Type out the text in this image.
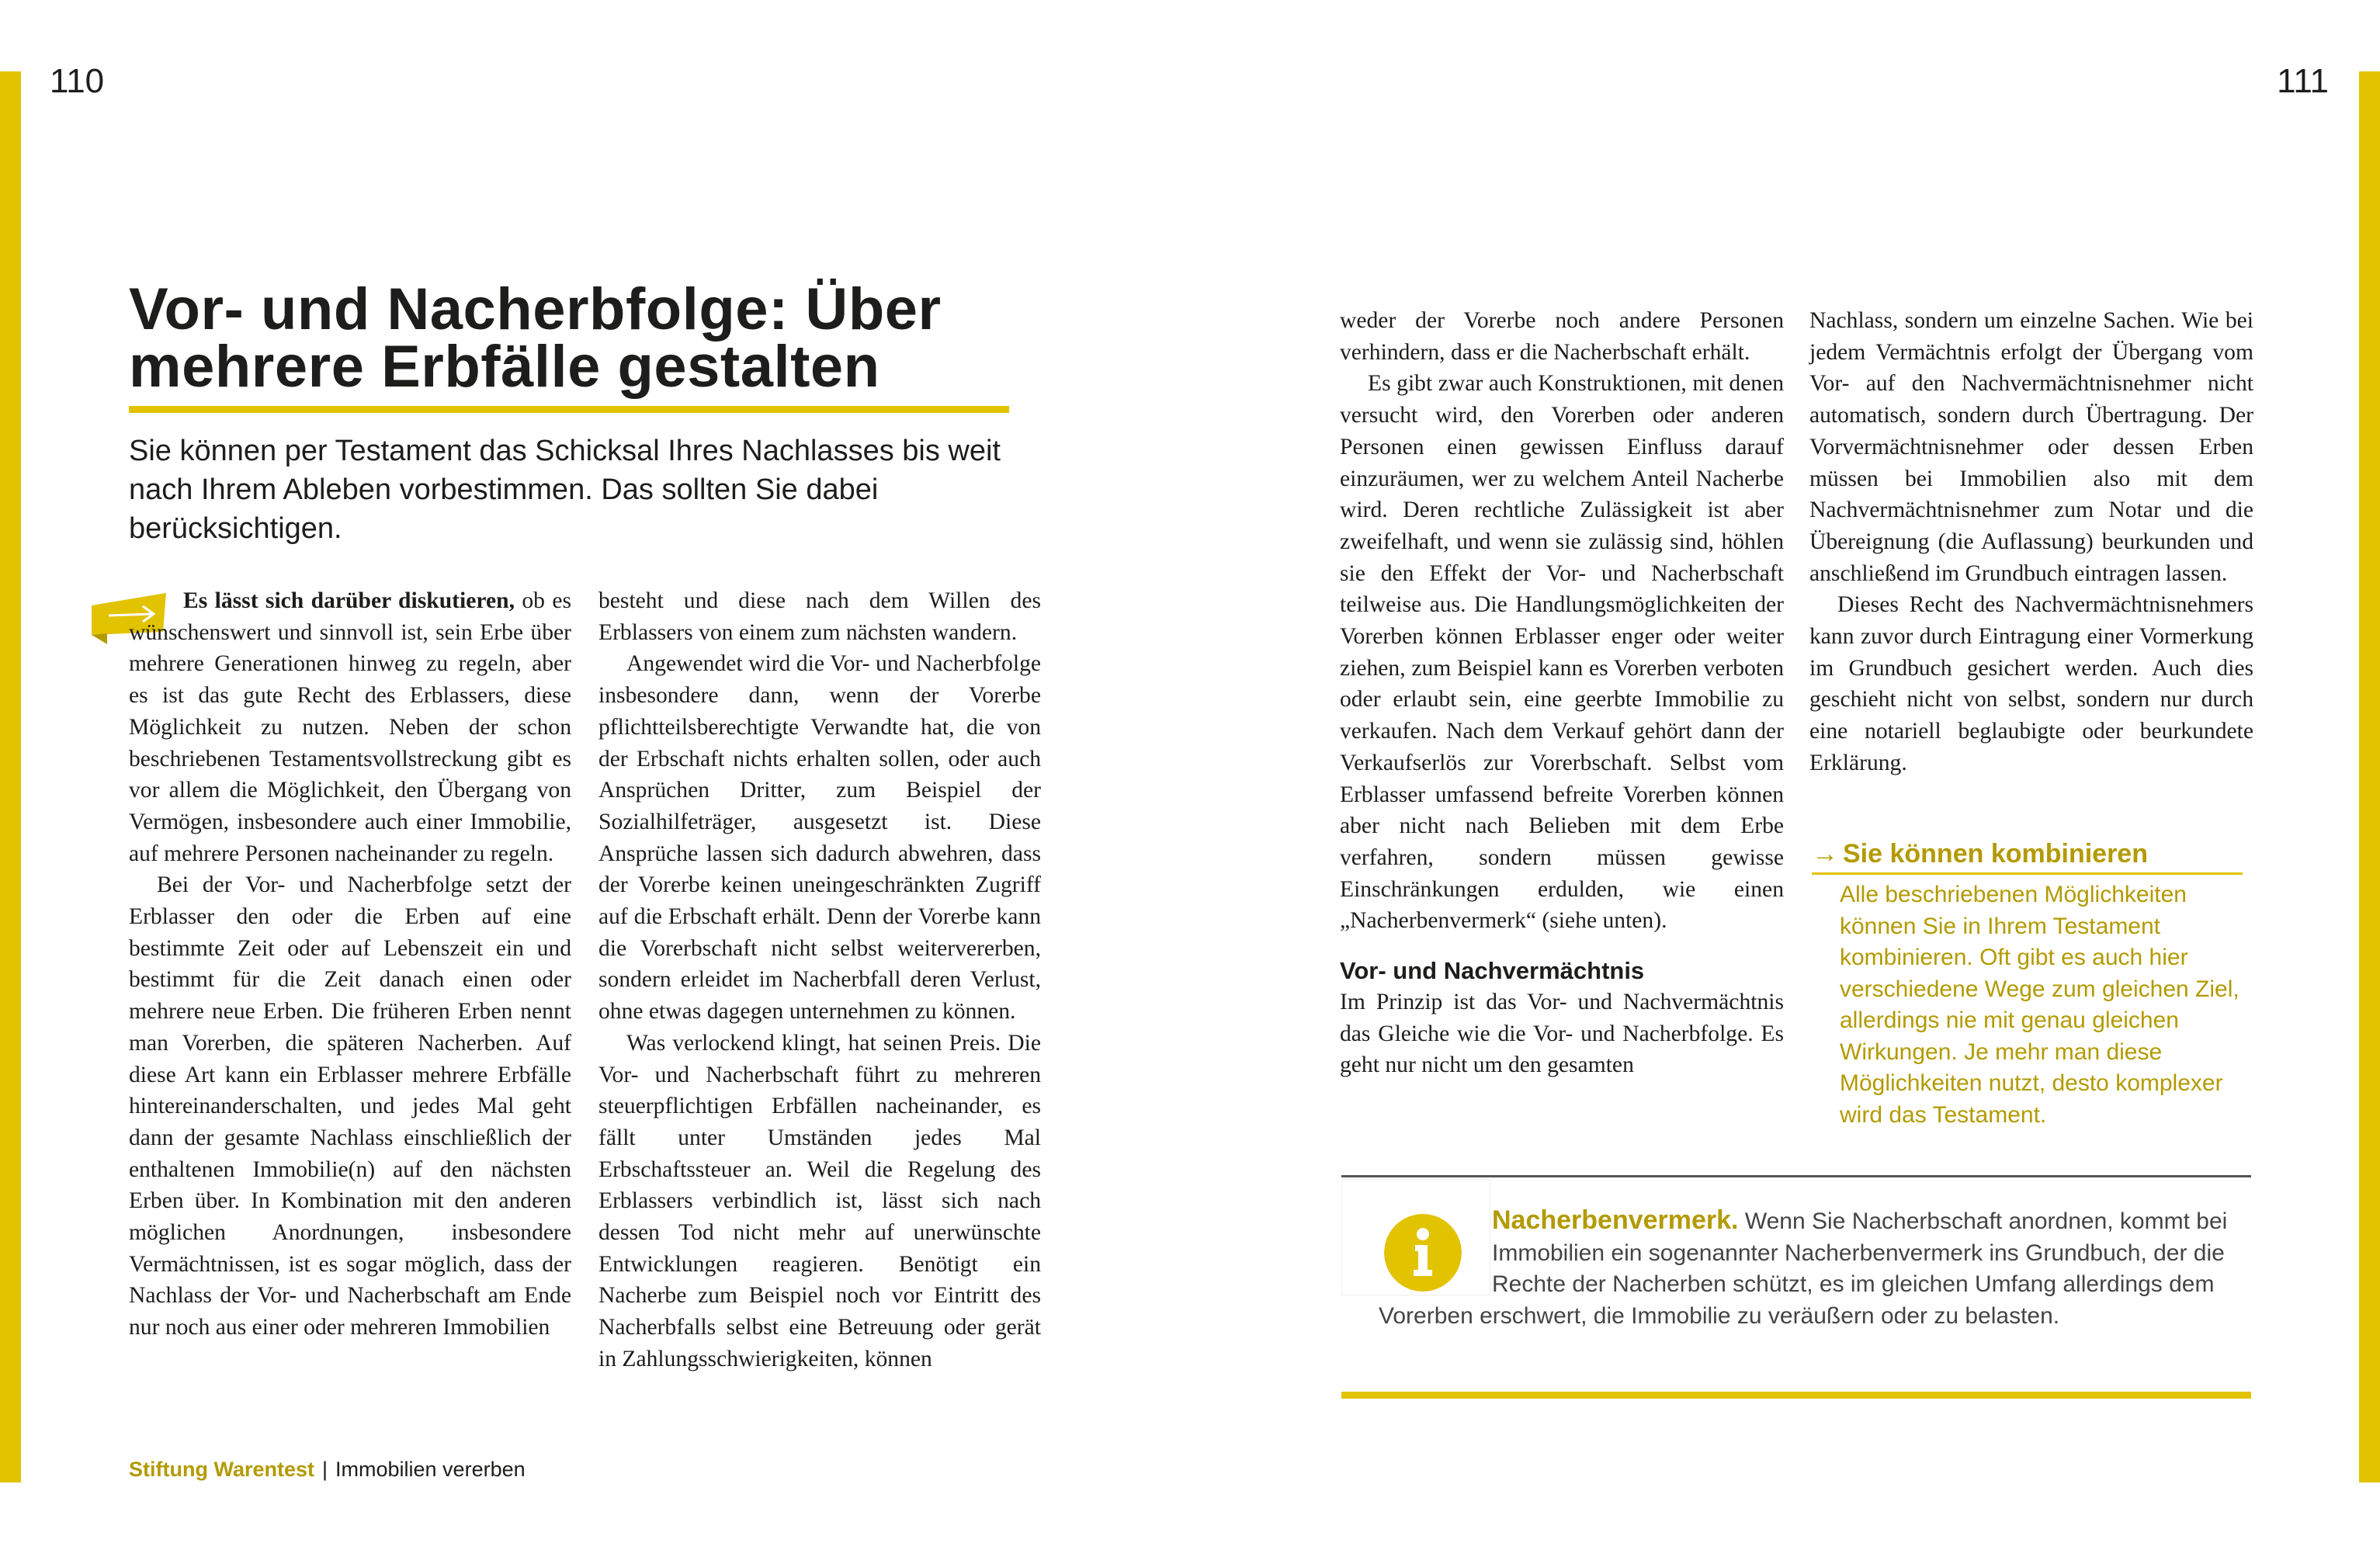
110	111
Vor- und Nacherbfolge: Über
mehrere Erbfälle gestalten
Sie können per Testament das Schicksal Ihres Nachlasses bis weit nach Ihrem Ableben vorbestimmen. Das sollten Sie dabei berücksichtigen.

Es lässt sich darüber diskutieren, ob es wünschenswert und sinnvoll ist, sein Erbe über mehrere Generationen hinweg zu regeln, aber es ist das gute Recht des Erblassers, diese Möglichkeit zu nutzen. Neben der schon beschriebenen Testamentsvollstreckung gibt es vor allem die Möglichkeit, den Übergang von Vermögen, insbesondere auch einer Immobilie, auf mehrere Personen nacheinander zu regeln.

Bei der Vor- und Nacherbfolge setzt der Erblasser den oder die Erben auf eine bestimmte Zeit oder auf Lebenszeit ein und bestimmt für die Zeit danach einen oder mehrere neue Erben. Die früheren Erben nennt man Vorerben, die späteren Nacherben. Auf diese Art kann ein Erblasser mehrere Erbfälle hintereinanderschalten, und jedes Mal geht dann der gesamte Nachlass einschließlich der enthaltenen Immobilie(n) auf den nächsten Erben über. In Kombination mit den anderen möglichen Anordnungen, insbesondere Vermächtnissen, ist es sogar möglich, dass der Nachlass der Vor- und Nacherbschaft am Ende nur noch aus einer oder mehreren Immobilien

besteht und diese nach dem Willen des Erblassers von einem zum nächsten wandern.

Angewendet wird die Vor- und Nacherbfolge insbesondere dann, wenn der Vorerbe pflichtteilsberechtigte Verwandte hat, die von der Erbschaft nichts erhalten sollen, oder auch Ansprüchen Dritter, zum Beispiel der Sozialhilfeträger, ausgesetzt ist. Diese Ansprüche lassen sich dadurch abwehren, dass der Vorerbe keinen uneingeschränkten Zugriff auf die Erbschaft erhält. Denn der Vorerbe kann die Vorerbschaft nicht selbst weitervererben, sondern erleidet im Nacherbfall deren Verlust, ohne etwas dagegen unternehmen zu können.

Was verlockend klingt, hat seinen Preis. Die Vor- und Nacherbschaft führt zu mehreren steuerpflichtigen Erbfällen nacheinander, es fällt unter Umständen jedes Mal Erbschaftssteuer an. Weil die Regelung des Erblassers verbindlich ist, lässt sich nach dessen Tod nicht mehr auf unerwünschte Entwicklungen reagieren. Benötigt ein Nacherbe zum Beispiel noch vor Eintritt des Nacherbfalls selbst eine Betreuung oder gerät in Zahlungsschwierigkeiten, können

weder der Vorerbe noch andere Personen verhindern, dass er die Nacherbschaft erhält.

Es gibt zwar auch Konstruktionen, mit denen versucht wird, den Vorerben oder anderen Personen einen gewissen Einfluss darauf einzuräumen, wer zu welchem Anteil Nacherbe wird. Deren rechtliche Zulässigkeit ist aber zweifelhaft, und wenn sie zulässig sind, höhlen sie den Effekt der Vor- und Nacherbschaft teilweise aus. Die Handlungsmöglichkeiten der Vorerben können Erblasser enger oder weiter ziehen, zum Beispiel kann es Vorerben verboten oder erlaubt sein, eine geerbte Immobilie zu verkaufen. Nach dem Verkauf gehört dann der Verkaufserlös zur Vorerbschaft. Selbst vom Erblasser umfassend befreite Vorerben können aber nicht nach Belieben mit dem Erbe verfahren, sondern müssen gewisse Einschränkungen erdulden, wie einen „Nacherbenvermerk“ (siehe unten).

Vor- und Nachvermächtnis

Im Prinzip ist das Vor- und Nachvermächtnis das Gleiche wie die Vor- und Nacherbfolge. Es geht nur nicht um den gesamten

Nachlass, sondern um einzelne Sachen. Wie bei jedem Vermächtnis erfolgt der Übergang vom Vor- auf den Nachvermächtnisnehmer nicht automatisch, sondern durch Übertragung. Der Vorvermächtnisnehmer oder dessen Erben müssen bei Immobilien also mit dem Nachvermächtnisnehmer zum Notar und die Übereignung (die Auflassung) beurkunden und anschließend im Grundbuch eintragen lassen.

Dieses Recht des Nachvermächtnisnehmers kann zuvor durch Eintragung einer Vormerkung im Grundbuch gesichert werden. Auch dies geschieht nicht von selbst, sondern nur durch eine notariell beglaubigte oder beurkundete Erklärung.

→ Sie können kombinieren
Alle beschriebenen Möglichkeiten können Sie in Ihrem Testament kombinieren. Oft gibt es auch hier verschiedene Wege zum gleichen Ziel, allerdings nie mit genau gleichen Wirkungen. Je mehr man diese Möglichkeiten nutzt, desto komplexer wird das Testament.
Nacherbenvermerk. Wenn Sie Nacherbschaft anordnen, kommt bei Immobilien ein sogenannter Nacherbenvermerk ins Grundbuch, der die Rechte der Nacherben schützt, es im gleichen Umfang allerdings dem Vorerben erschwert, die Immobilie zu veräußern oder zu belasten.
Stiftung Warentest | Immobilien vererben
